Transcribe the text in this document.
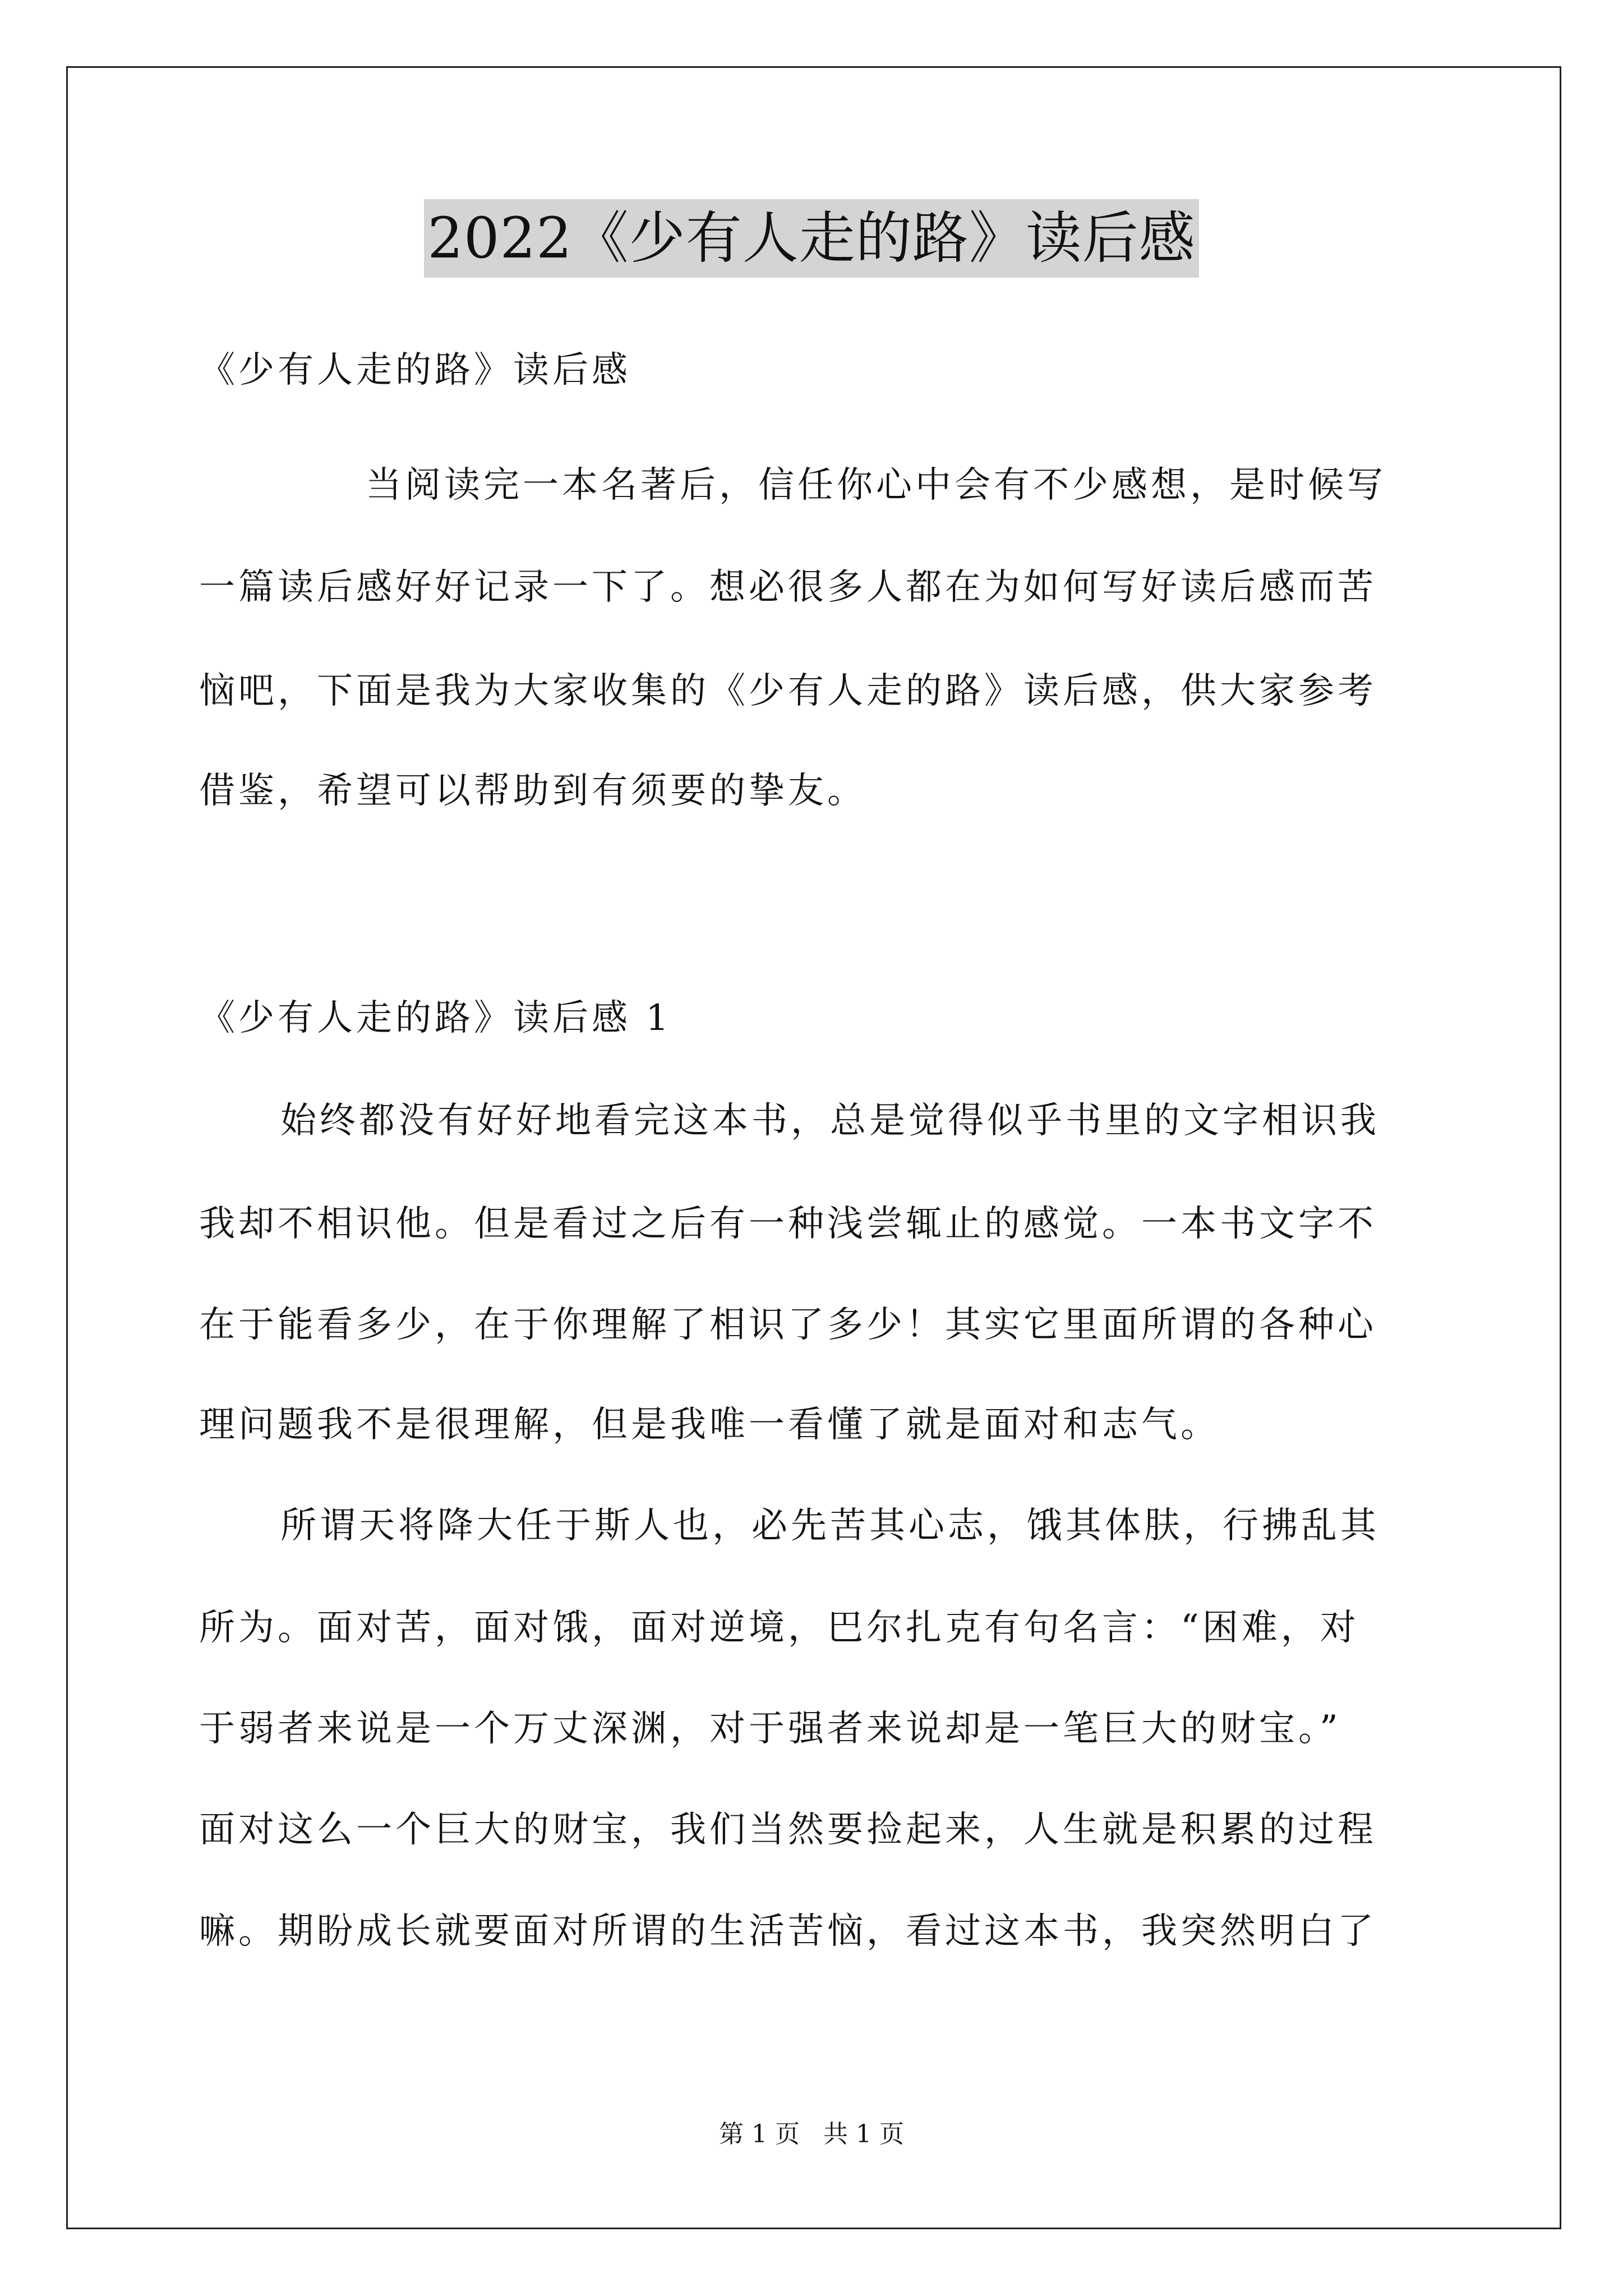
2022《少有人走的路》读后感
《少有人走的路》读后感
当阅读完一本名著后，信任你心中会有不少感想，是时候写
一篇读后感好好记录一下了。想必很多人都在为如何写好读后感而苦
恼吧，下面是我为大家收集的《少有人走的路》读后感，供大家参考
借鉴，希望可以帮助到有须要的挚友。
《少有人走的路》读后感 1
始终都没有好好地看完这本书，总是觉得似乎书里的文字相识我
我却不相识他。但是看过之后有一种浅尝辄止的感觉。一本书文字不
在于能看多少，在于你理解了相识了多少！其实它里面所谓的各种心
理问题我不是很理解，但是我唯一看懂了就是面对和志气。
所谓天将降大任于斯人也，必先苦其心志，饿其体肤，行拂乱其
所为。面对苦，面对饿，面对逆境，巴尔扎克有句名言：“困难，对
于弱者来说是一个万丈深渊，对于强者来说却是一笔巨大的财宝。”
面对这么一个巨大的财宝，我们当然要捡起来，人生就是积累的过程
嘛。期盼成长就要面对所谓的生活苦恼，看过这本书，我突然明白了
第 1 页 共 1 页
